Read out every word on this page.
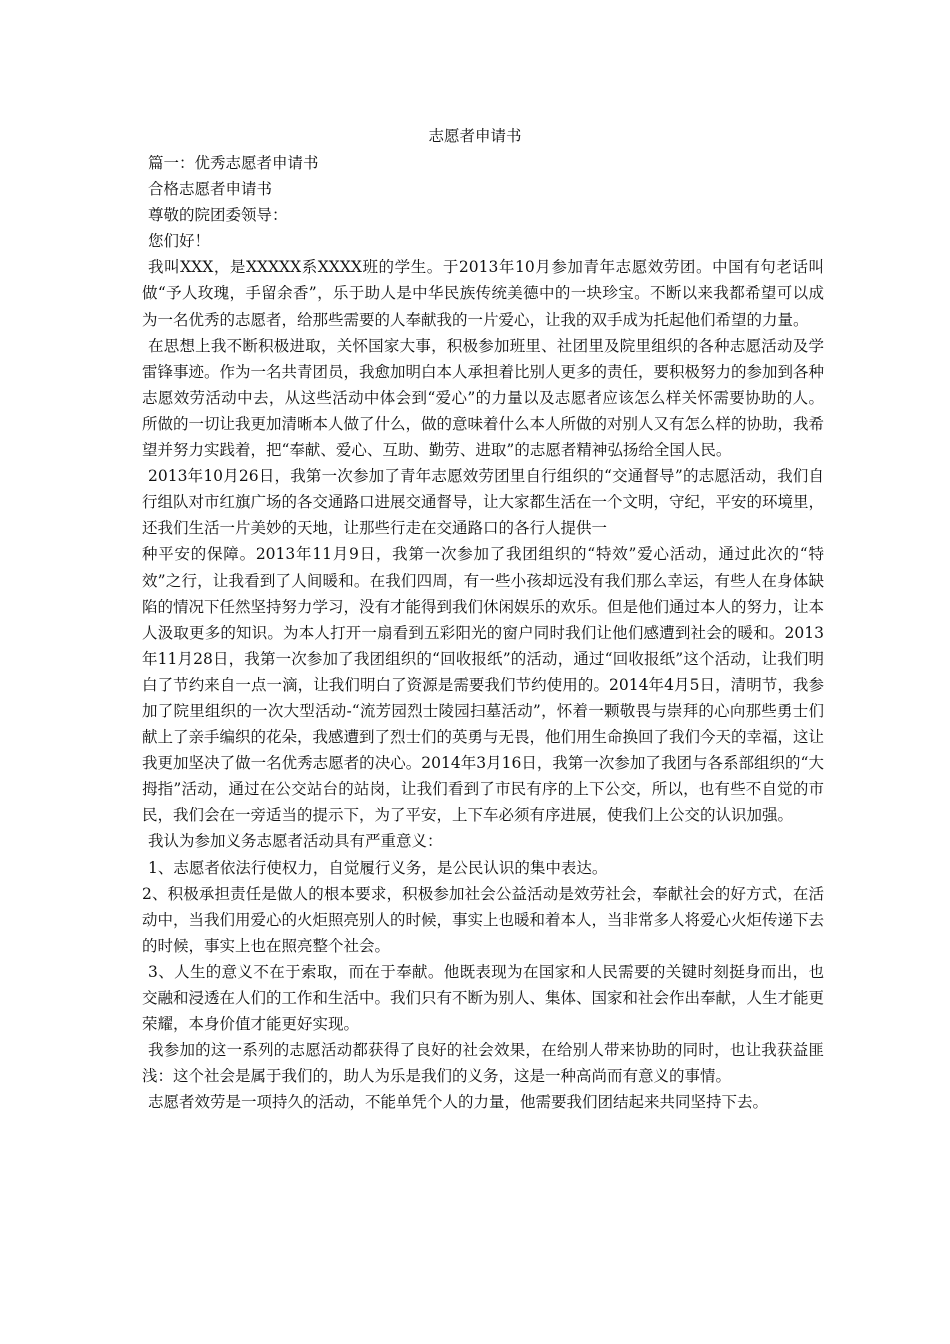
志愿者申请书

篇一：优秀志愿者申请书

合格志愿者申请书

尊敬的院团委领导：

您们好！

我叫XXX，是XXXXX系XXXX班的学生。于2013年10月参加青年志愿效劳团。中国有句老话叫做“予人玫瑰，手留余香”，乐于助人是中华民族传统美德中的一块珍宝。不断以来我都希望可以成为一名优秀的志愿者，给那些需要的人奉献我的一片爱心，让我的双手成为托起他们希望的力量。

在思想上我不断积极进取，关怀国家大事，积极参加班里、社团里及院里组织的各种志愿活动及学雷锋事迹。作为一名共青团员，我愈加明白本人承担着比别人更多的责任，要积极努力的参加到各种志愿效劳活动中去，从这些活动中体会到“爱心”的力量以及志愿者应该怎么样关怀需要协助的人。所做的一切让我更加清晰本人做了什么，做的意味着什么本人所做的对别人又有怎么样的协助，我希望并努力实践着，把“奉献、爱心、互助、勤劳、进取”的志愿者精神弘扬给全国人民。

2013年10月26日，我第一次参加了青年志愿效劳团里自行组织的“交通督导”的志愿活动，我们自行组队对市红旗广场的各交通路口进展交通督导，让大家都生活在一个文明，守纪，平安的环境里，还我们生活一片美妙的天地，让那些行走在交通路口的各行人提供一

种平安的保障。2013年11月9日，我第一次参加了我团组织的“特效”爱心活动，通过此次的“特效”之行，让我看到了人间暖和。在我们四周，有一些小孩却远没有我们那么幸运，有些人在身体缺陷的情况下任然坚持努力学习，没有才能得到我们休闲娱乐的欢乐。但是他们通过本人的努力，让本人汲取更多的知识。为本人打开一扇看到五彩阳光的窗户同时我们让他们感遭到社会的暖和。2013年11月28日，我第一次参加了我团组织的“回收报纸”的活动，通过“回收报纸”这个活动，让我们明白了节约来自一点一滴，让我们明白了资源是需要我们节约使用的。2014年4月5日，清明节，我参加了院里组织的一次大型活动-“流芳园烈士陵园扫墓活动”，怀着一颗敬畏与崇拜的心向那些勇士们献上了亲手编织的花朵，我感遭到了烈士们的英勇与无畏，他们用生命换回了我们今天的幸福，这让我更加坚决了做一名优秀志愿者的决心。2014年3月16日，我第一次参加了我团与各系部组织的“大拇指”活动，通过在公交站台的站岗，让我们看到了市民有序的上下公交，所以，也有些不自觉的市民，我们会在一旁适当的提示下，为了平安，上下车必须有序进展，使我们上公交的认识加强。

我认为参加义务志愿者活动具有严重意义：

1、志愿者依法行使权力，自觉履行义务，是公民认识的集中表达。

2、积极承担责任是做人的根本要求，积极参加社会公益活动是效劳社会，奉献社会的好方式，在活动中，当我们用爱心的火炬照亮别人的时候，事实上也暖和着本人，当非常多人将爱心火炬传递下去的时候，事实上也在照亮整个社会。

3、人生的意义不在于索取，而在于奉献。他既表现为在国家和人民需要的关键时刻挺身而出，也交融和浸透在人们的工作和生活中。我们只有不断为别人、集体、国家和社会作出奉献，人生才能更荣耀，本身价值才能更好实现。

我参加的这一系列的志愿活动都获得了良好的社会效果，在给别人带来协助的同时，也让我获益匪浅：这个社会是属于我们的，助人为乐是我们的义务，这是一种高尚而有意义的事情。

志愿者效劳是一项持久的活动，不能单凭个人的力量，他需要我们团结起来共同坚持下去。
